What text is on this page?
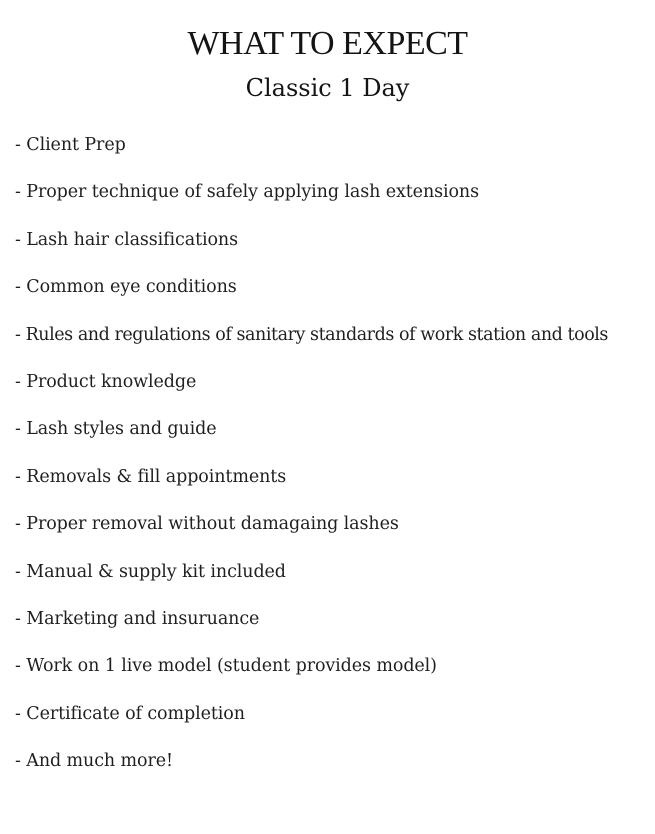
WHAT TO EXPECT
Classic 1 Day
- Client Prep
- Proper technique of safely applying lash extensions
- Lash hair classifications
- Common eye conditions
- Rules and regulations of sanitary standards of work station and tools
- Product knowledge
- Lash styles and guide
- Removals & fill appointments
- Proper removal without damagaing lashes
- Manual & supply kit included
- Marketing and insuruance
- Work on 1 live model (student provides model)
- Certificate of completion
- And much more!
